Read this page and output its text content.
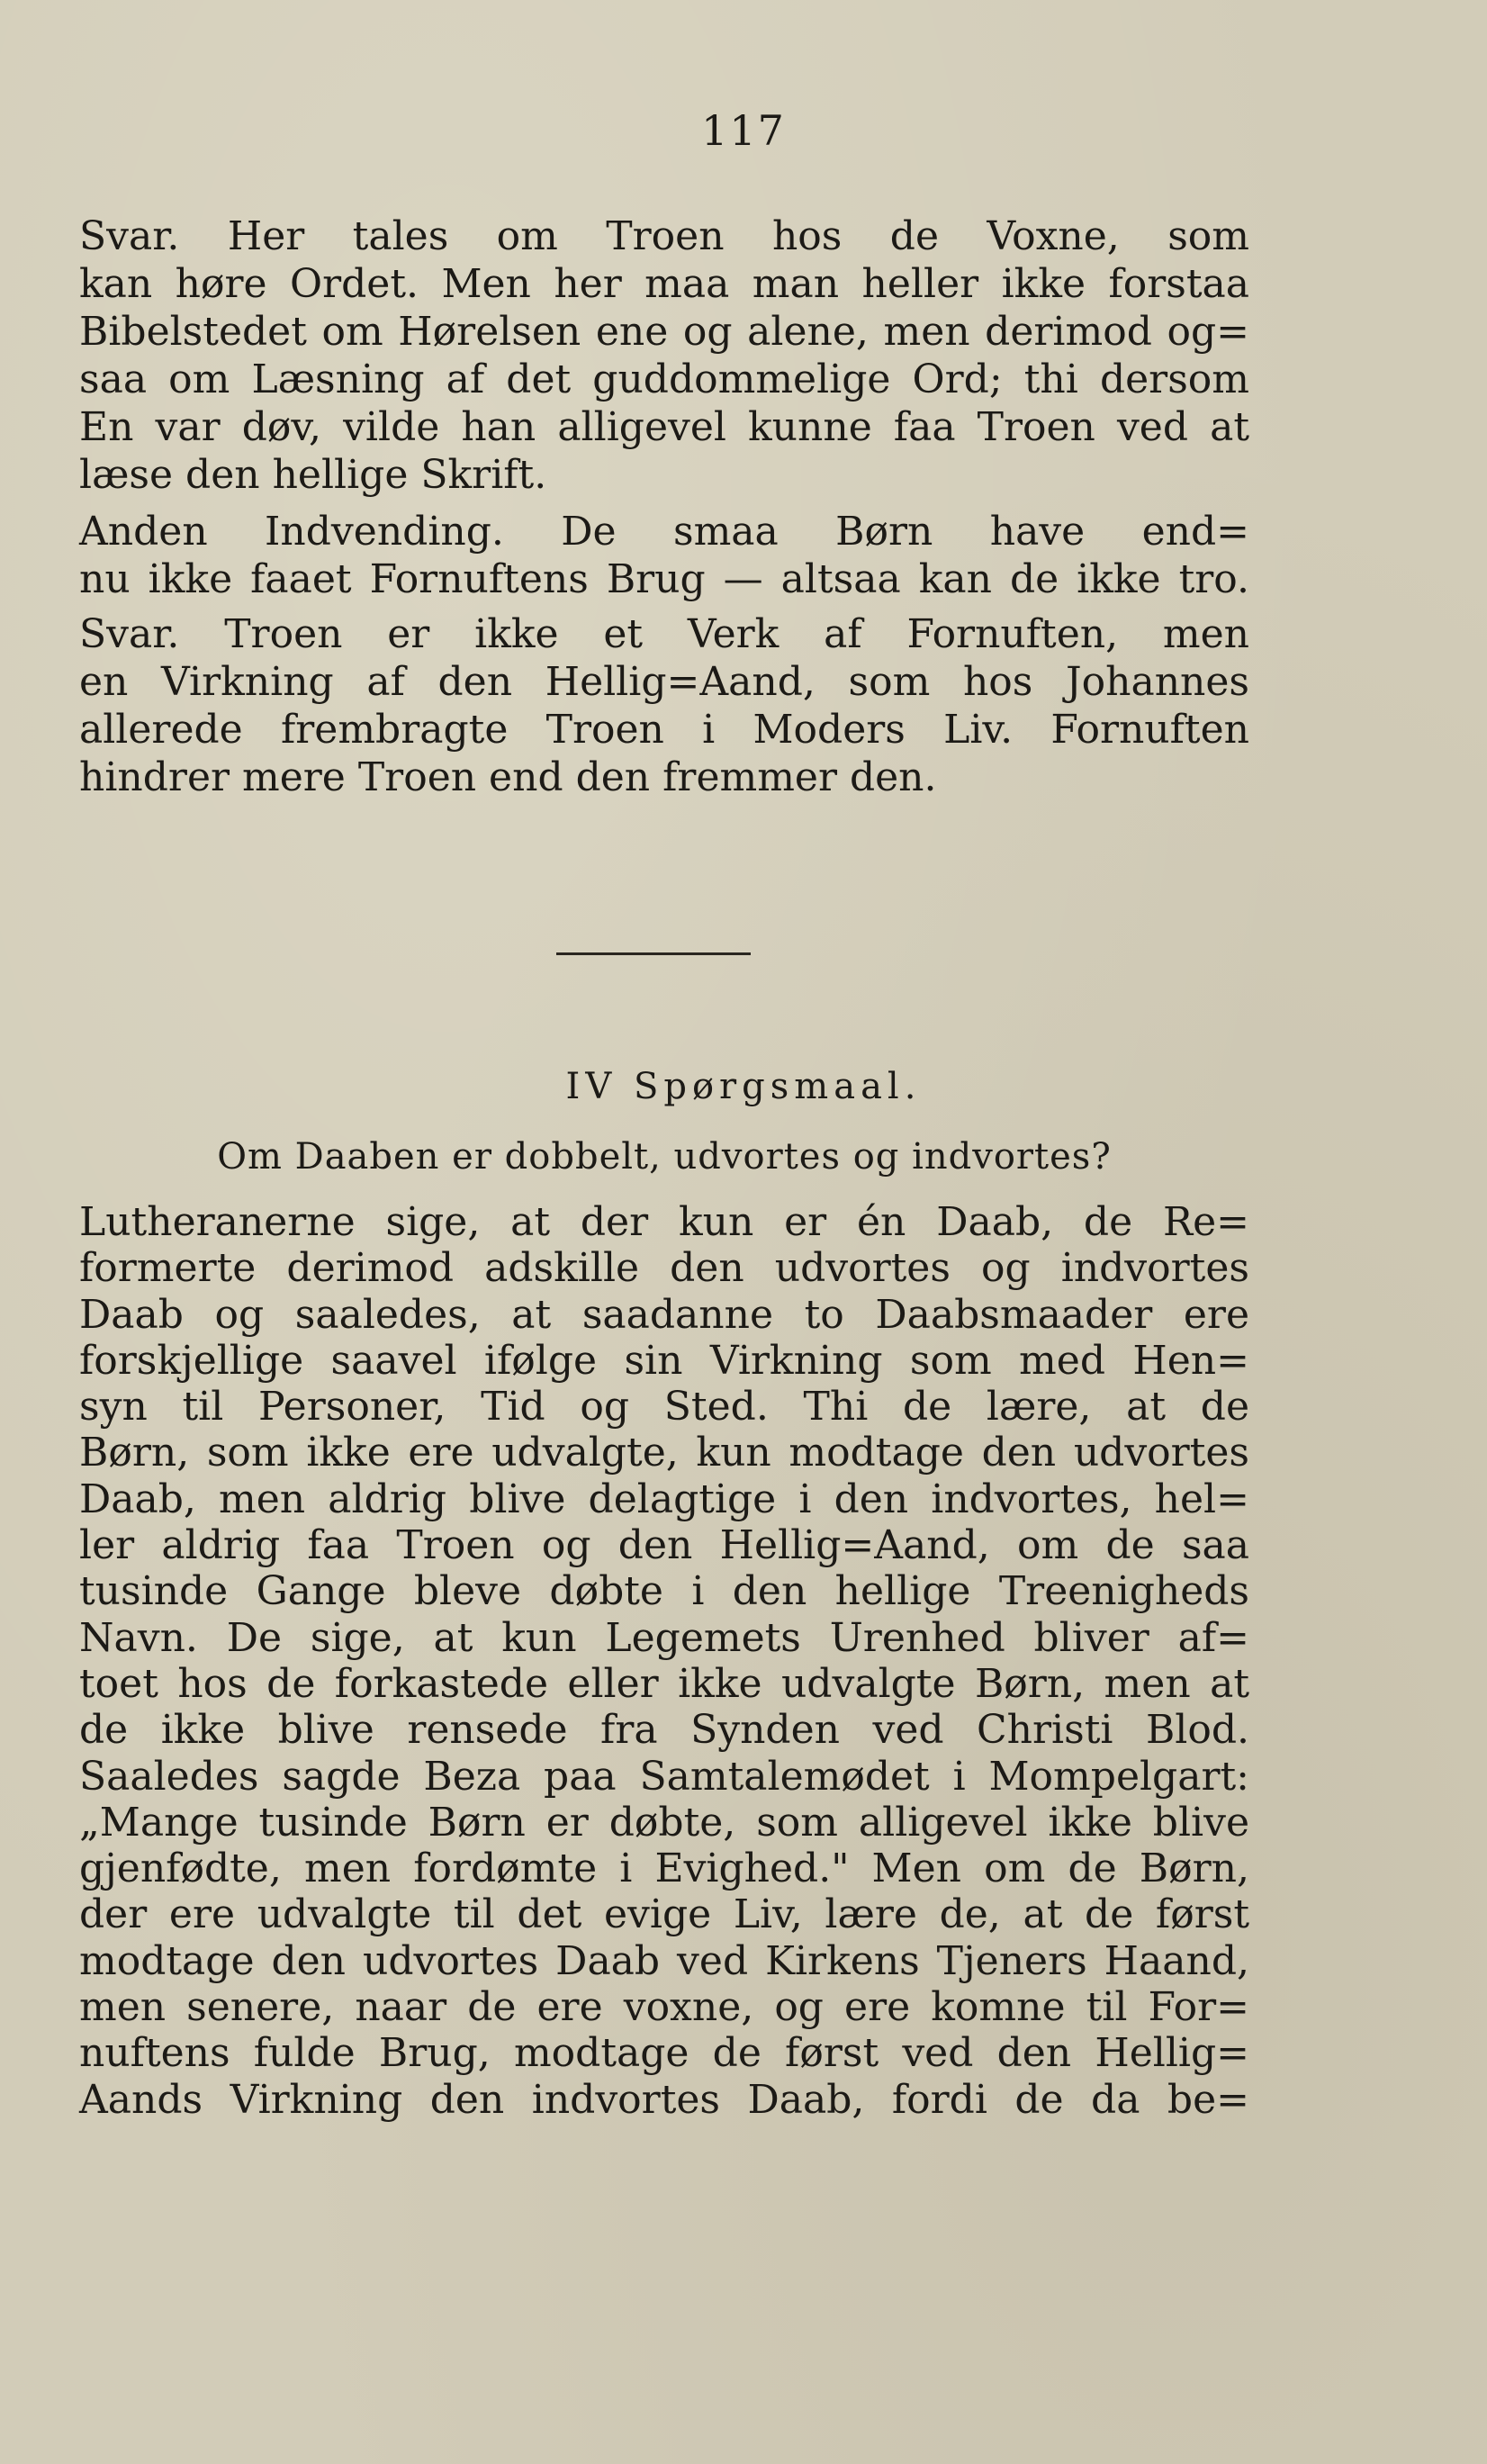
117
Svar. Her tales om Troen hos de Voxne, som
kan høre Ordet. Men her maa man heller ikke forstaa
Bibelstedet om Hørelsen ene og alene, men derimod og=
saa om Læsning af det guddommelige Ord; thi dersom
En var døv, vilde han alligevel kunne faa Troen ved at
læse den hellige Skrift.
Anden Indvending. De smaa Børn have end=
nu ikke faaet Fornuftens Brug — altsaa kan de ikke tro.
Svar. Troen er ikke et Verk af Fornuften, men
en Virkning af den Hellig=Aand, som hos Johannes
allerede frembragte Troen i Moders Liv. Fornuften
hindrer mere Troen end den fremmer den.
IV Spørgsmaal.
Om Daaben er dobbelt, udvortes og indvortes?
Lutheranerne sige, at der kun er én Daab, de Re=
formerte derimod adskille den udvortes og indvortes
Daab og saaledes, at saadanne to Daabsmaader ere
forskjellige saavel ifølge sin Virkning som med Hen=
syn til Personer, Tid og Sted. Thi de lære, at de
Børn, som ikke ere udvalgte, kun modtage den udvortes
Daab, men aldrig blive delagtige i den indvortes, hel=
ler aldrig faa Troen og den Hellig=Aand, om de saa
tusinde Gange bleve døbte i den hellige Treenigheds
Navn. De sige, at kun Legemets Urenhed bliver af=
toet hos de forkastede eller ikke udvalgte Børn, men at
de ikke blive rensede fra Synden ved Christi Blod.
Saaledes sagde Beza paa Samtalemødet i Mompelgart:
„Mange tusinde Børn er døbte, som alligevel ikke blive
gjenfødte, men fordømte i Evighed." Men om de Børn,
der ere udvalgte til det evige Liv, lære de, at de først
modtage den udvortes Daab ved Kirkens Tjeners Haand,
men senere, naar de ere voxne, og ere komne til For=
nuftens fulde Brug, modtage de først ved den Hellig=
Aands Virkning den indvortes Daab, fordi de da be=
